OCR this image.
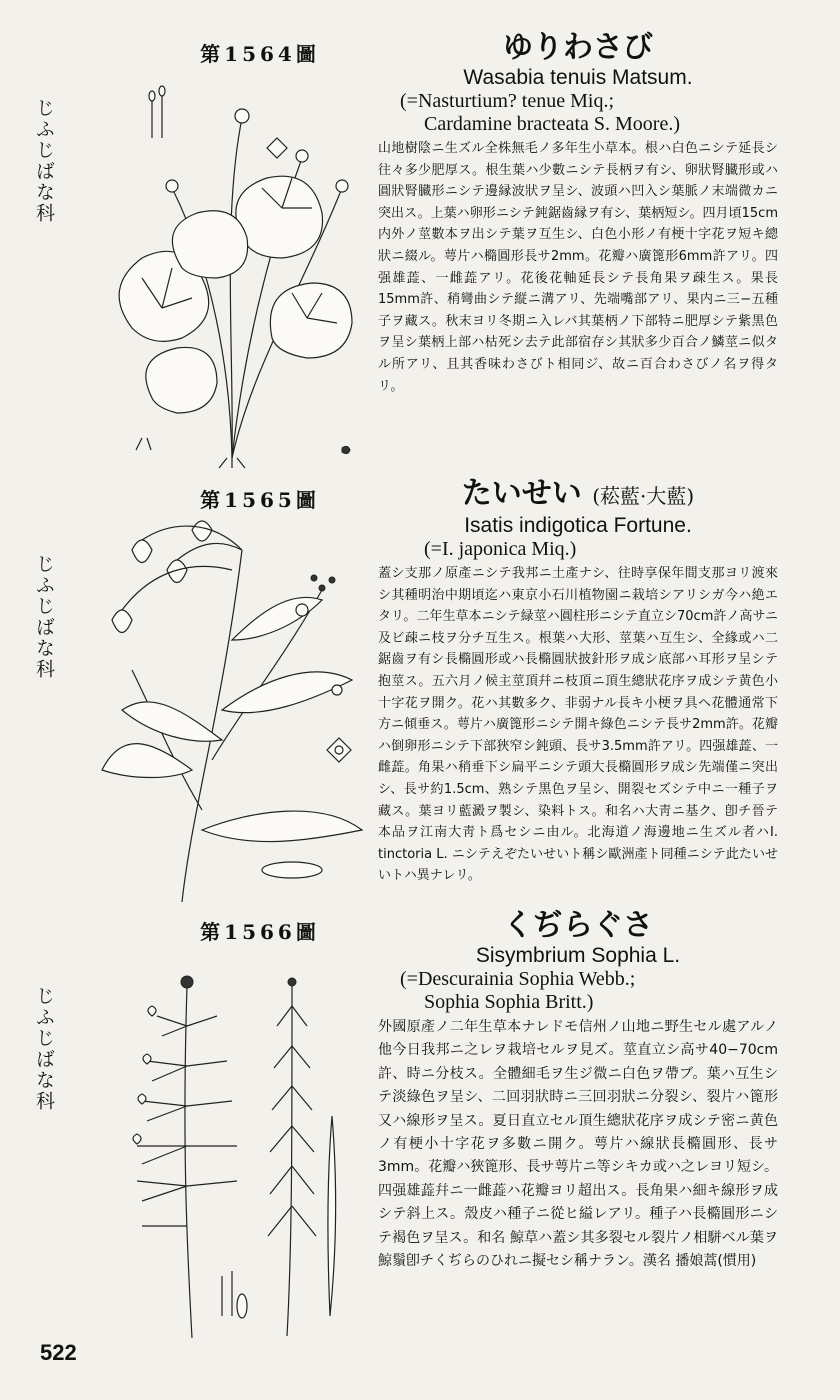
第1564圖
じふじばな科
ゆりわさび
Wasabia tenuis Matsum.
(=Nasturtium? tenue Miq.;
Cardamine bracteata S. Moore.)
山地樹陰ニ生ズル全株無毛ノ多年生小草本。根ハ白色ニシテ延長シ往々多少肥厚ス。根生葉ハ少數ニシテ長柄ヲ有シ、卵狀腎臓形或ハ圓狀腎臓形ニシテ邊縁波狀ヲ呈シ、波頭ハ凹入シ葉脈ノ末端微カニ突出ス。上葉ハ卵形ニシテ鈍鋸齒縁ヲ有シ、葉柄短シ。四月頃15cm内外ノ莖數本ヲ出シテ葉ヲ互生シ、白色小形ノ有梗十字花ヲ短キ總狀ニ綴ル。萼片ハ橢圓形長サ2mm。花瓣ハ廣篦形6mm許アリ。四强雄蕋、一雌蕋アリ。花後花軸延長シテ長角果ヲ疎生ス。果長15mm許、稍彎曲シテ縦ニ溝アリ、先端嘴部アリ、果内ニ三−五種子ヲ藏ス。秋末ヨリ冬期ニ入レバ其葉柄ノ下部特ニ肥厚シテ紫黒色ヲ呈シ葉柄上部ハ枯死シ去テ此部宿存シ其狀多少百合ノ鱗莖ニ似タル所アリ、且其香味わさびト相同ジ、故ニ百合わさびノ名ヲ得タリ。
第1565圖
じふじばな科
たいせい (菘藍·大藍)
Isatis indigotica Fortune.
(=I. japonica Miq.)
蓋シ支那ノ原產ニシテ我邦ニ土產ナシ、往時享保年間支那ヨリ渡來シ其種明治中期頃迄ハ東京小石川植物園ニ栽培シアリシガ今ハ絶エタリ。二年生草本ニシテ緑莖ハ圓柱形ニシテ直立シ70cm許ノ高サニ及ビ疎ニ枝ヲ分チ互生ス。根葉ハ大形、莖葉ハ互生シ、全緣或ハ二鋸齒ヲ有シ長橢圓形或ハ長橢圓狀披針形ヲ成シ底部ハ耳形ヲ呈シテ抱莖ス。五六月ノ候主莖頂幷ニ枝頂ニ頂生總狀花序ヲ成シテ黄色小十字花ヲ開ク。花ハ其數多ク、非弱ナル長キ小梗ヲ具ヘ花體通常下方ニ傾垂ス。萼片ハ廣篦形ニシテ開キ綠色ニシテ長サ2mm許。花瓣ハ倒卵形ニシテ下部狹窄シ鈍頭、長サ3.5mm許アリ。四强雄蕋、一雌蕋。角果ハ稍垂下シ扁平ニシテ頭大長橢圓形ヲ成シ先端僅ニ突出シ、長サ約1.5cm、熟シテ黒色ヲ呈シ、開裂セズシテ中ニ一種子ヲ藏ス。葉ヨリ藍澱ヲ製シ、染料トス。和名ハ大靑ニ基ク、卽チ晉テ本品ヲ江南大靑ト爲セシニ由ル。北海道ノ海邊地ニ生ズル者ハI. tinctoria L. ニシテえぞたいせいト稱シ歐洲產ト同種ニシテ此たいせいトハ異ナレリ。
第1566圖
じふじばな科
くぢらぐさ
Sisymbrium Sophia L.
(=Descurainia Sophia Webb.;
Sophia Sophia Britt.)
外國原產ノ二年生草本ナレドモ信州ノ山地ニ野生セル處アルノ他今日我邦ニ之レヲ栽培セルヲ見ズ。莖直立シ高サ40−70cm許、時ニ分枝ス。全體細毛ヲ生ジ微ニ白色ヲ帶ブ。葉ハ互生シテ淡綠色ヲ呈シ、二回羽狀時ニ三回羽狀ニ分裂シ、裂片ハ篦形又ハ線形ヲ呈ス。夏日直立セル頂生總狀花序ヲ成シテ密ニ黄色ノ有梗小十字花ヲ多數ニ開ク。萼片ハ線狀長橢圓形、長サ3mm。花瓣ハ狹篦形、長サ萼片ニ等シキカ或ハ之レヨリ短シ。四强雄蕋幷ニ一雌蕋ハ花瓣ヨリ超出ス。長角果ハ細キ線形ヲ成シテ斜上ス。殼皮ハ種子ニ從ヒ縊レアリ。種子ハ長橢圓形ニシテ褐色ヲ呈ス。和名 鯨草ハ蓋シ其多裂セル裂片ノ相駢ベル葉ヲ鯨鬚卽チくぢらのひれニ擬セシ稱ナラン。漢名 播娘蒿(慣用)
522
